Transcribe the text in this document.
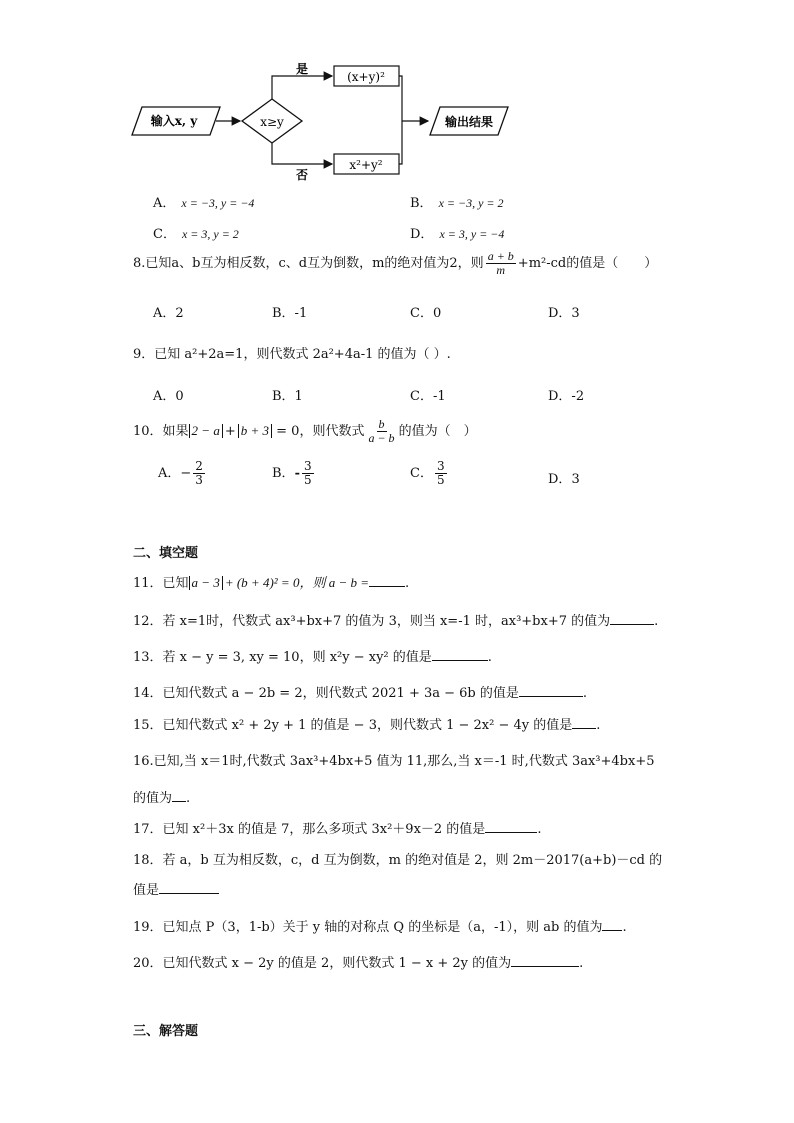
输入x, y	x≥y
是
(x+y)²
否
x²+y²
输出结果
A． x = −3, y = −4	B． x = −3, y = 2
C． x = 3, y = 2	D． x = 3, y = −4
8.已知a、b互为相反数，c、d互为倒数，m的绝对值为2，则 $\frac{a + b}{m} +m^2-cd$的值是（　　）
A．2	B．-1	C．0	D．3
9．已知 a²+2a=1，则代数式 2a²+4a-1 的值为（ ）.
A．0	B．1	C．-1	D．-2
10．如果 2 − a + b + 3 = 0，则代数式 $\frac{b}{a - b}$ 的值为（　）
A．− $\frac{2}{3}$	B．- $\frac{3}{5}$	C． $\frac{3}{5}$	D．3
二、填空题
11．已知 a − 3 + (b + 4)² = 0，则 a − b =	.
12．若 x=1时，代数式 ax³+bx+7 的值为 3，则当 x=-1 时，ax³+bx+7 的值为	.
13．若 x − y = 3, xy = 10，则 x²y − xy² 的值是	.
14．已知代数式 a − 2b = 2，则代数式 2021 + 3a − 6b 的值是	.
15．已知代数式 x² + 2y + 1 的值是 − 3，则代数式 1 − 2x² − 4y 的值是 .
16.已知,当 x＝1时,代数式 3ax³+4bx+5 值为 11,那么,当 x＝-1 时,代数式 3ax³+4bx+5
的值为 .
17．已知 x²＋3x 的值是 7，那么多项式 3x²＋9x－2 的值是	.
18．若 a，b 互为相反数，c，d 互为倒数，m 的绝对值是 2，则 2m－2017(a+b)－cd 的
值是
19．已知点 P（3，1-b）关于 y 轴的对称点 Q 的坐标是（a，-1），则 ab 的值为 .
20．已知代数式 x − 2y 的值是 2，则代数式 1 − x + 2y 的值为	.
三、解答题
